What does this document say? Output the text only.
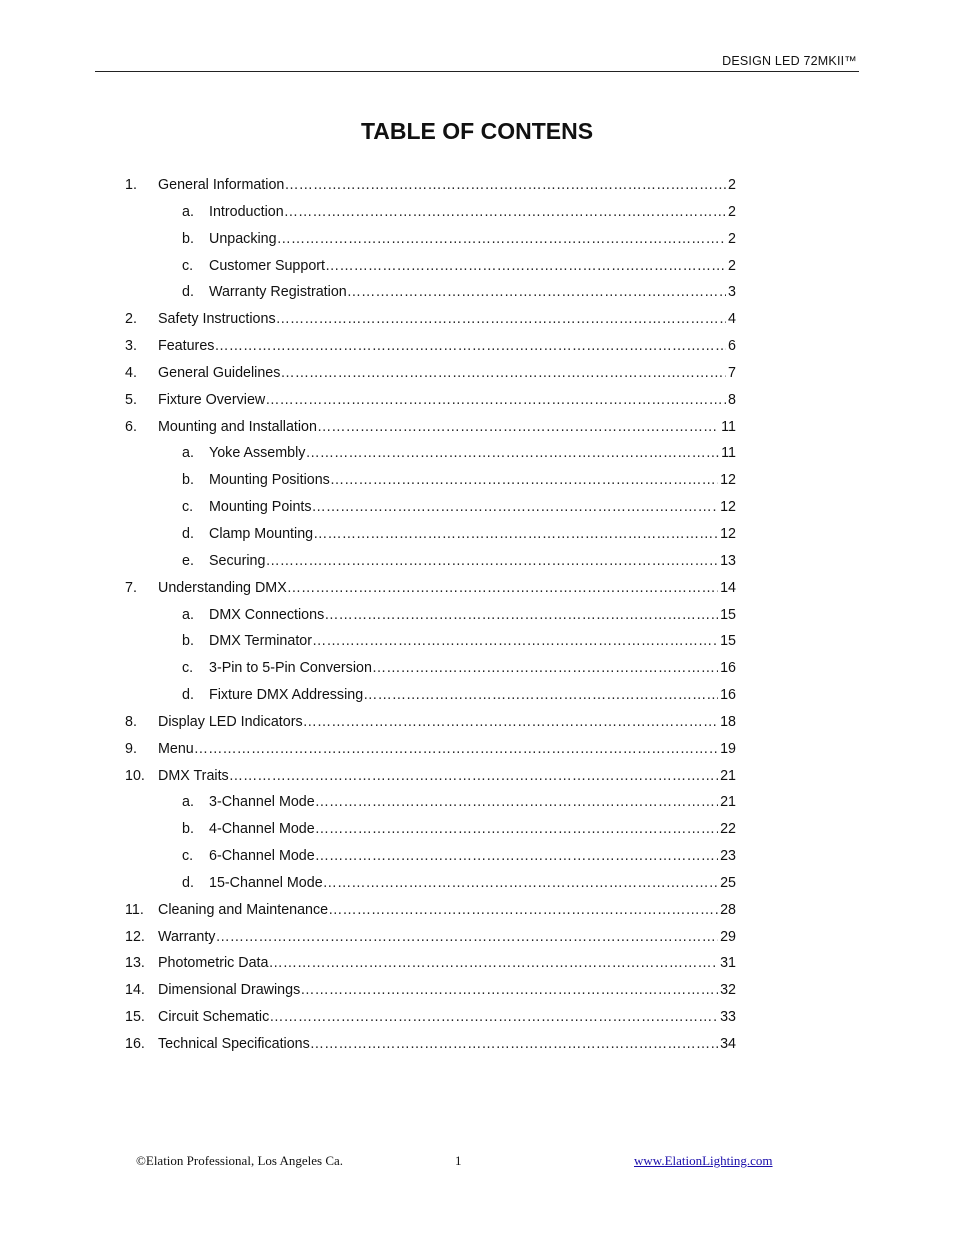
DESIGN LED 72MKII™
TABLE OF CONTENS
1. General Information …………………………………………………………………………………………………………………………………………………………	2
a. Introduction …………………………………………………………………………………………………………………………………………………………	2
b. Unpacking …………………………………………………………………………………………………………………………………………………………	2
c. Customer Support …………………………………………………………………………………………………………………………………………………………	2
d. Warranty Registration …………………………………………………………………………………………………………………………………………………………	3
2. Safety Instructions …………………………………………………………………………………………………………………………………………………………	4
3. Features …………………………………………………………………………………………………………………………………………………………	6
4. General Guidelines …………………………………………………………………………………………………………………………………………………………	7
5. Fixture Overview …………………………………………………………………………………………………………………………………………………………	8
6. Mounting and Installation …………………………………………………………………………………………………………………………………………………………	11
a. Yoke Assembly …………………………………………………………………………………………………………………………………………………………	11
b. Mounting Positions …………………………………………………………………………………………………………………………………………………………	12
c. Mounting Points …………………………………………………………………………………………………………………………………………………………	12
d. Clamp Mounting …………………………………………………………………………………………………………………………………………………………	12
e. Securing …………………………………………………………………………………………………………………………………………………………	13
7. Understanding DMX …………………………………………………………………………………………………………………………………………………………	14
a. DMX Connections …………………………………………………………………………………………………………………………………………………………	15
b. DMX Terminator …………………………………………………………………………………………………………………………………………………………	15
c. 3-Pin to 5-Pin Conversion …………………………………………………………………………………………………………………………………………………………	16
d. Fixture DMX Addressing …………………………………………………………………………………………………………………………………………………………	16
8. Display LED Indicators …………………………………………………………………………………………………………………………………………………………	18
9. Menu …………………………………………………………………………………………………………………………………………………………	19
10. DMX Traits …………………………………………………………………………………………………………………………………………………………	21
a. 3-Channel Mode …………………………………………………………………………………………………………………………………………………………	21
b. 4-Channel Mode …………………………………………………………………………………………………………………………………………………………	22
c. 6-Channel Mode …………………………………………………………………………………………………………………………………………………………	23
d. 15-Channel Mode …………………………………………………………………………………………………………………………………………………………	25
11. Cleaning and Maintenance …………………………………………………………………………………………………………………………………………………………	28
12. Warranty …………………………………………………………………………………………………………………………………………………………	29
13. Photometric Data …………………………………………………………………………………………………………………………………………………………	31
14. Dimensional Drawings …………………………………………………………………………………………………………………………………………………………	32
15. Circuit Schematic …………………………………………………………………………………………………………………………………………………………	33
16. Technical Specifications …………………………………………………………………………………………………………………………………………………………	34
©Elation Professional, Los Angeles Ca.	1	www.ElationLighting.com
